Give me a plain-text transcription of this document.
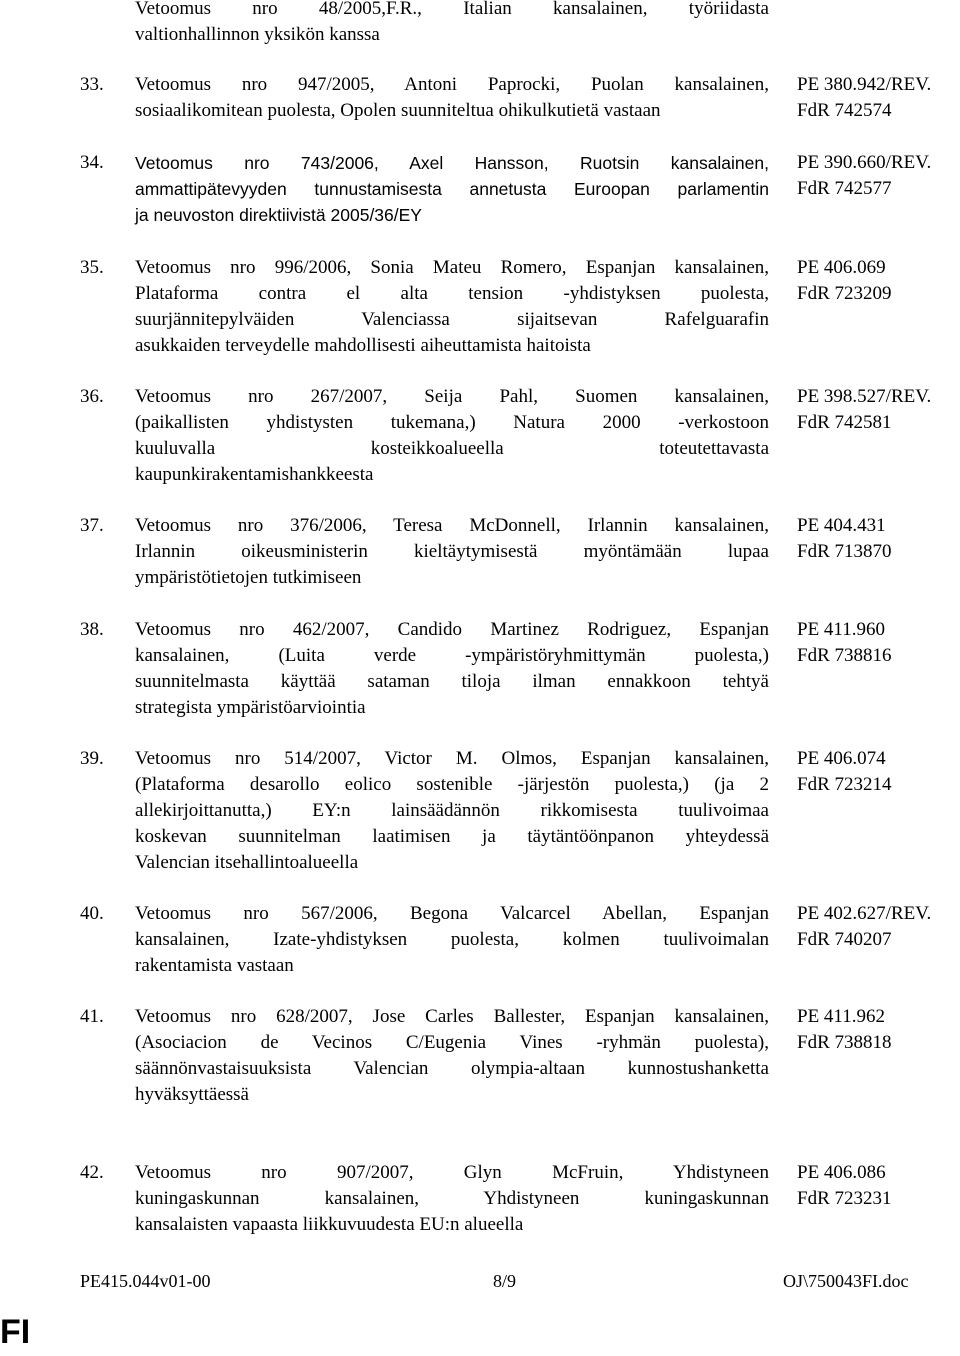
Vetoomus nro 48/2005,F.R., Italian kansalainen, työriidasta
valtionhallinnon yksikön kanssa
33. Vetoomus nro 947/2005, Antoni Paprocki, Puolan kansalainen,
sosiaalikomitean puolesta, Opolen suunniteltua ohikulkutietä vastaan
PE 380.942/REV.
FdR 742574
34. Vetoomus nro 743/2006, Axel Hansson, Ruotsin kansalainen,
ammattipätevyyden tunnustamisesta annetusta Euroopan parlamentin
ja neuvoston direktiivistä 2005/36/EY
PE 390.660/REV.
FdR 742577
35. Vetoomus nro 996/2006, Sonia Mateu Romero, Espanjan kansalainen,
Plataforma contra el alta tension -yhdistyksen puolesta,
suurjännitepylväiden Valenciassa sijaitsevan Rafelguarafin
asukkaiden terveydelle mahdollisesti aiheuttamista haitoista
PE 406.069
FdR 723209
36. Vetoomus nro 267/2007, Seija Pahl, Suomen kansalainen,
(paikallisten yhdistysten tukemana,) Natura 2000 -verkostoon
kuuluvalla kosteikkoalueella toteutettavasta
kaupunkirakentamishankkeesta
PE 398.527/REV.
FdR 742581
37. Vetoomus nro 376/2006, Teresa McDonnell, Irlannin kansalainen,
Irlannin oikeusministerin kieltäytymisestä myöntämään lupaa
ympäristötietojen tutkimiseen
PE 404.431
FdR 713870
38. Vetoomus nro 462/2007, Candido Martinez Rodriguez, Espanjan
kansalainen, (Luita verde -ympäristöryhmittymän puolesta,)
suunnitelmasta käyttää sataman tiloja ilman ennakkoon tehtyä
strategista ympäristöarviointia
PE 411.960
FdR 738816
39. Vetoomus nro 514/2007, Victor M. Olmos, Espanjan kansalainen,
(Plataforma desarollo eolico sostenible -järjestön puolesta,) (ja 2
allekirjoittanutta,) EY:n lainsäädännön rikkomisesta tuulivoimaa
koskevan suunnitelman laatimisen ja täytäntöönpanon yhteydessä
Valencian itsehallintoalueella
PE 406.074
FdR 723214
40. Vetoomus nro 567/2006, Begona Valcarcel Abellan, Espanjan
kansalainen, Izate-yhdistyksen puolesta, kolmen tuulivoimalan
rakentamista vastaan
PE 402.627/REV.
FdR 740207
41. Vetoomus nro 628/2007, Jose Carles Ballester, Espanjan kansalainen,
(Asociacion de Vecinos C/Eugenia Vines -ryhmän puolesta),
säännönvastaisuuksista Valencian olympia-altaan kunnostushanketta
hyväksyttäessä
PE 411.962
FdR 738818
42. Vetoomus nro 907/2007, Glyn McFruin, Yhdistyneen
kuningaskunnan kansalainen, Yhdistyneen kuningaskunnan
kansalaisten vapaasta liikkuvuudesta EU:n alueella
PE 406.086
FdR 723231
PE415.044v01-00	8/9	OJ\750043FI.doc
FI
